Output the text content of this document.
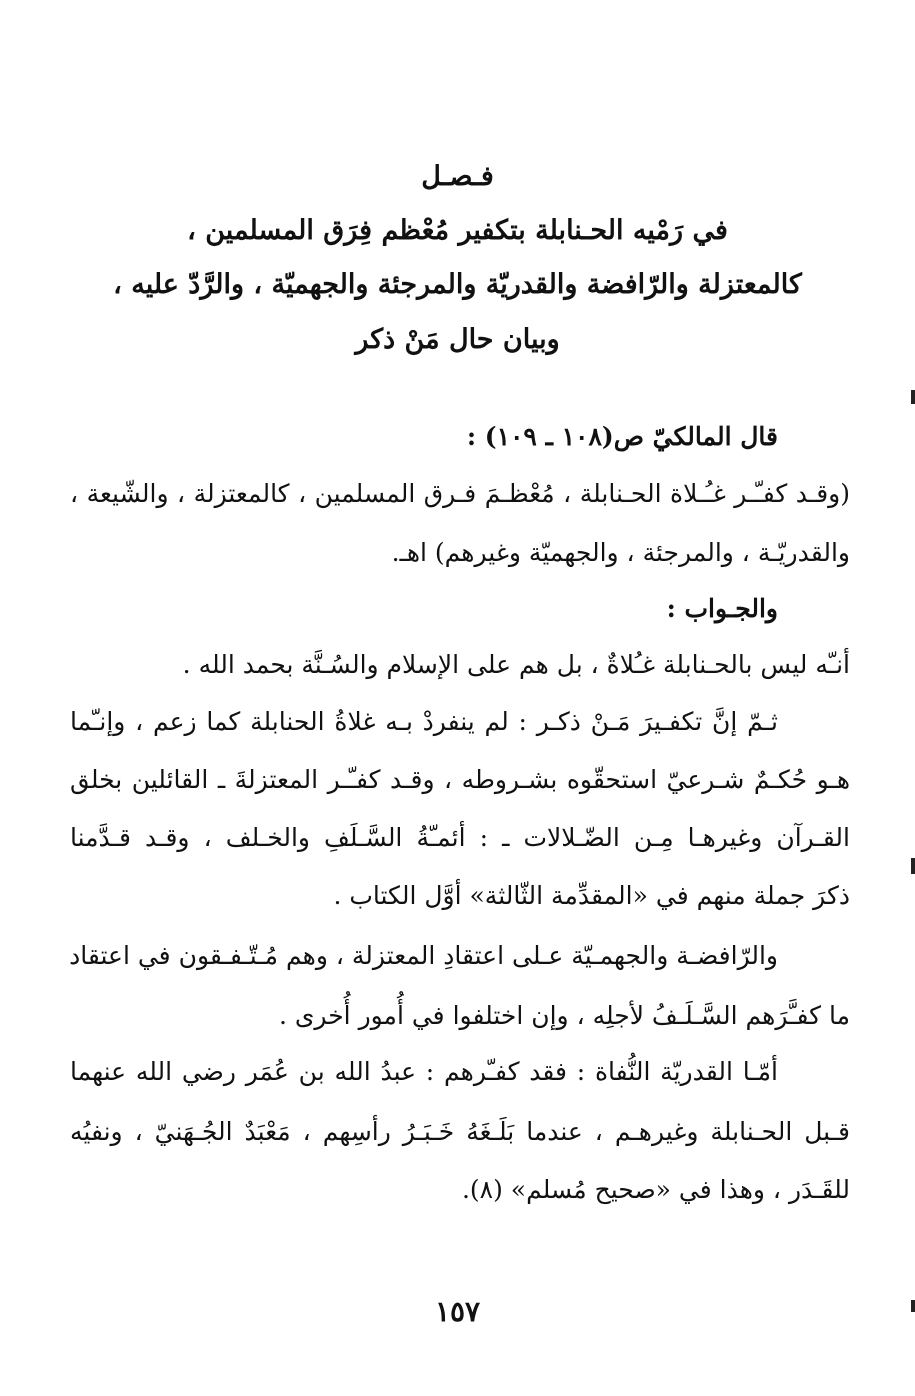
فـصـل
في رَمْيه الحـنابلة بتكفير مُعْظم فِرَق المسلمين ،
كالمعتزلة والرّافضة والقدريّة والمرجئة والجهميّة ، والرَّدّ عليه ،
وبيان حال مَنْ ذكر
قال المالكيّ ص(١٠٨ ـ ١٠٩) :
(وقـد كفـّـر غـُـلاة الحـنابلة ، مُعْظـمَ فـرق المسلمين ، كالمعتزلة ، والشّيعة ،
والقدريّـة ، والمرجئة ، والجهميّة وغيرهم) اهـ.
والجـواب :
أنـّه ليس بالحـنابلة غـُلاةٌ ، بل هم على الإسلام والسُـنَّة بحمد الله .
ثـمّ إنَّ تكفـيرَ مَـنْ ذكـر : لم ينفردْ بـه غلاةُ الحنابلة كما زعم ، وإنـّما
هـو حُكـمٌ شـرعيّ استحقّوه بشـروطه ، وقـد كفـّـر المعتزلةَ ـ القائلين بخلق
القـرآن وغيرهـا مِـن الضّـلالات ـ : أئمـّةُ السَّـلَفِ والخـلف ، وقـد قـدَّمنا
ذكرَ جملة منهم في «المقدِّمة الثّالثة» أوَّل الكتاب .
والرّافضـة والجهمـيّة عـلى اعتقادِ المعتزلة ، وهم مُـتّـفـقون في اعتقاد
ما كفـَّرَهم السَّـلَـفُ لأجلِه ، وإن اختلفوا في أُمور أُخرى .
أمّـا القدريّة النُّفاة : فقد كفـّرهم : عبدُ الله بن عُمَر رضي الله عنهما
قـبل الحـنابلة وغيرهـم ، عندما بَلَـغَهُ خَـبَـرُ رأسِهم ، مَعْبَدٌ الجُـهَنيّ ، ونفيُه
للقَـدَر ، وهذا في «صحيح مُسلم» (٨).
١٥٧
